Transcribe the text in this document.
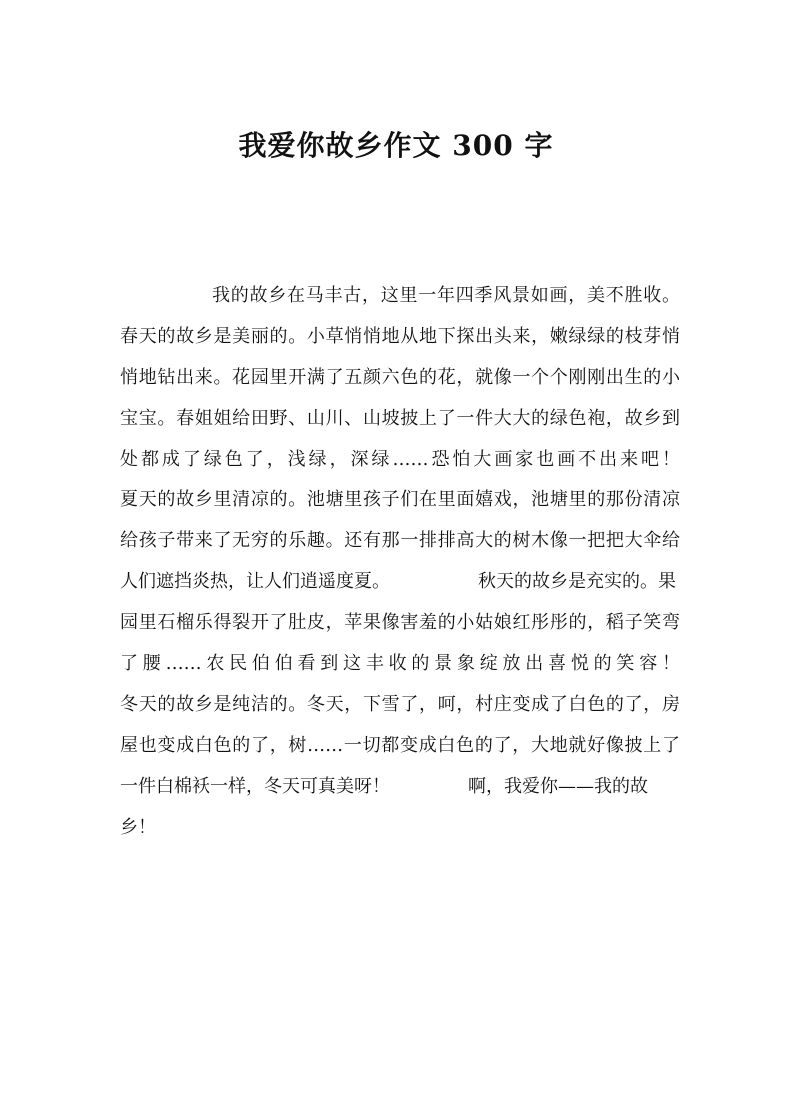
我爱你故乡作文 300 字
我的故乡在马丰古，这里一年四季风景如画，美不胜收。
春天的故乡是美丽的。小草悄悄地从地下探出头来，嫩绿绿的枝芽悄
悄地钻出来。花园里开满了五颜六色的花，就像一个个刚刚出生的小
宝宝。春姐姐给田野、山川、山坡披上了一件大大的绿色袍，故乡到
处都成了绿色了，浅绿，深绿……恐怕大画家也画不出来吧！
夏天的故乡里清凉的。池塘里孩子们在里面嬉戏，池塘里的那份清凉
给孩子带来了无穷的乐趣。还有那一排排高大的树木像一把把大伞给
人们遮挡炎热，让人们逍遥度夏。	秋天的故乡是充实的。果
园里石榴乐得裂开了肚皮，苹果像害羞的小姑娘红彤彤的，稻子笑弯
了腰……农民伯伯看到这丰收的景象绽放出喜悦的笑容！
冬天的故乡是纯洁的。冬天，下雪了，呵，村庄变成了白色的了，房
屋也变成白色的了，树……一切都变成白色的了，大地就好像披上了
一件白棉袄一样，冬天可真美呀！	啊，我爱你——我的故
乡！
